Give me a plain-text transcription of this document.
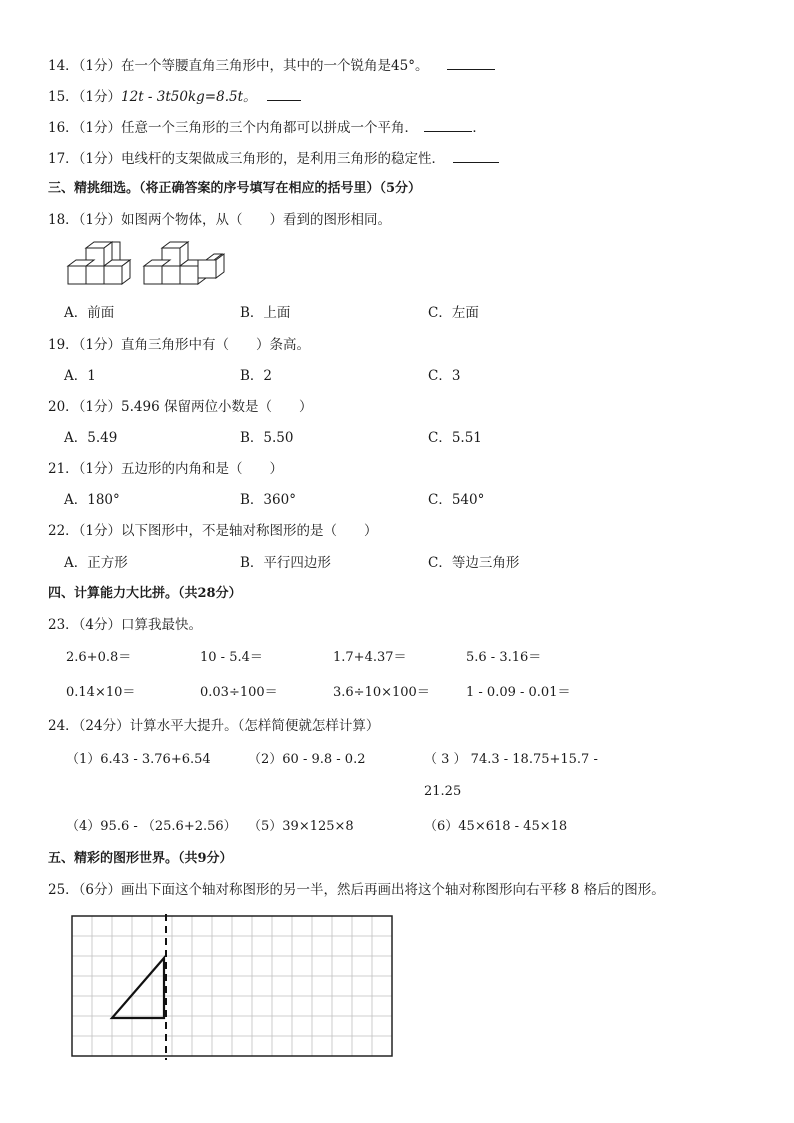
14．（1分）在一个等腰直角三角形中，其中的一个锐角是45°。
15．（1分）12t - 3t50kg=8.5t。
16．（1分）任意一个三角形的三个内角都可以拼成一个平角．	．
17．（1分）电线杆的支架做成三角形的，是利用三角形的稳定性．
三、精挑细选。（将正确答案的序号填写在相应的括号里）（5分）
18．（1分）如图两个物体，从（　　）看到的图形相同。
A．前面	B．上面	C．左面
19．（1分）直角三角形中有（　　）条高。
A．1	B．2	C．3
20．（1分）5.496 保留两位小数是（　　）
A．5.49	B．5.50	C．5.51
21．（1分）五边形的内角和是（　　）
A．180°	B．360°	C．540°
22．（1分）以下图形中，不是轴对称图形的是（　　）
A．正方形	B．平行四边形	C．等边三角形
四、计算能力大比拼。（共28分）
23．（4分）口算我最快。
2.6+0.8＝	10 - 5.4＝	1.7+4.37＝	5.6 - 3.16＝
0.14×10＝	0.03÷100＝	3.6÷10×100＝	1 - 0.09 - 0.01＝
24．（24分）计算水平大提升。（怎样简便就怎样计算）
（1）6.43 - 3.76+6.54	（2）60 - 9.8 - 0.2	（ 3 ） 74.3 - 18.75+15.7 -
21.25
（4）95.6 - （25.6+2.56） （5）39×125×8	（6）45×618 - 45×18
五、精彩的图形世界。（共9分）
25．（6分）画出下面这个轴对称图形的另一半，然后再画出将这个轴对称图形向右平移 8 格后的图形。
